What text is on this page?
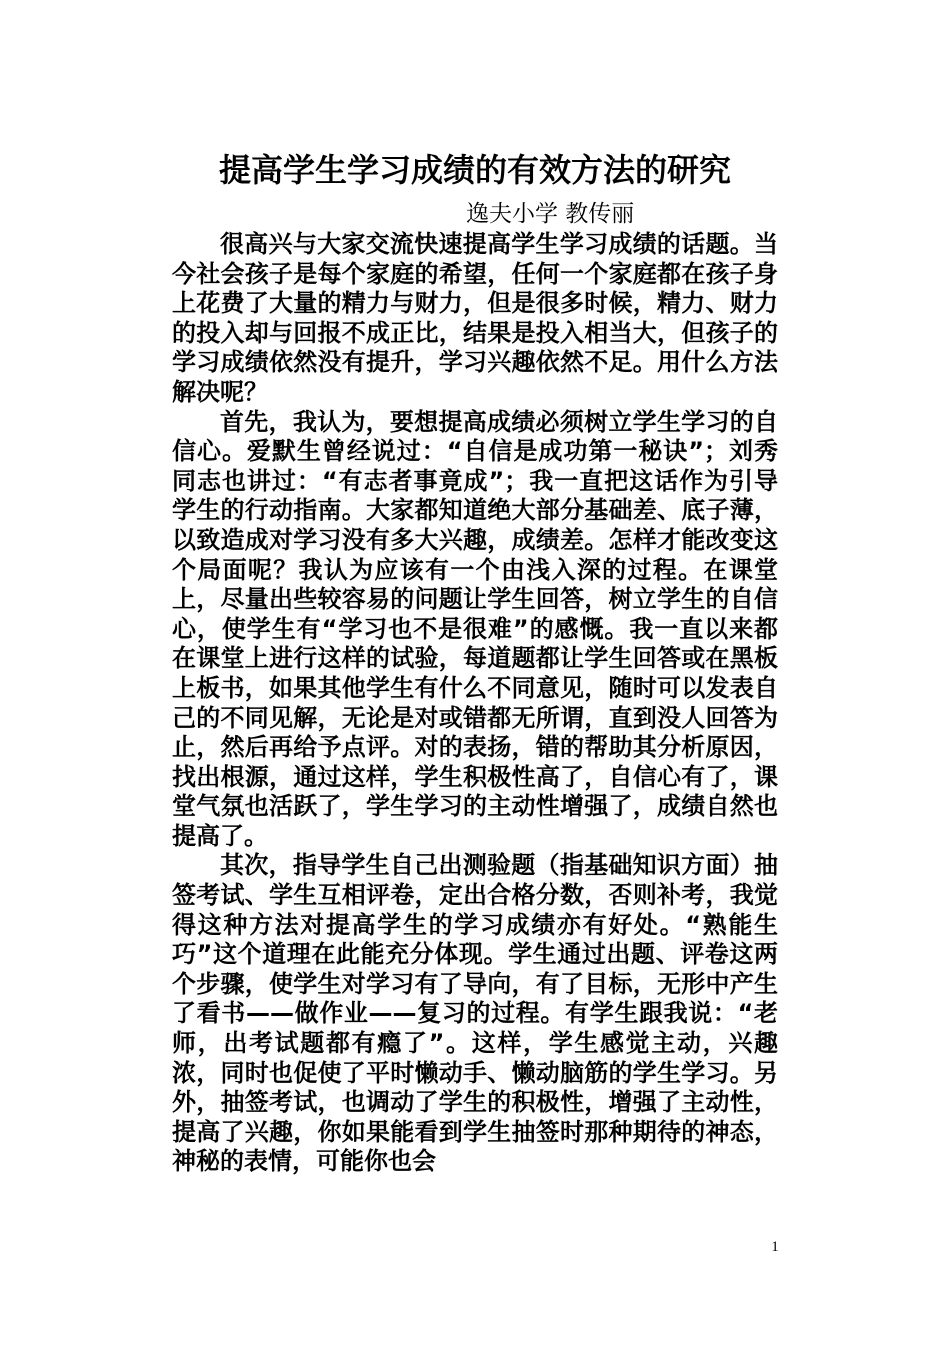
提高学生学习成绩的有效方法的研究

逸夫小学 教传丽

很高兴与大家交流快速提高学生学习成绩的话题。当今社会孩子是每个家庭的希望，任何一个家庭都在孩子身上花费了大量的精力与财力，但是很多时候，精力、财力的投入却与回报不成正比，结果是投入相当大，但孩子的学习成绩依然没有提升，学习兴趣依然不足。用什么方法解决呢？

首先，我认为，要想提高成绩必须树立学生学习的自信心。爱默生曾经说过：“自信是成功第一秘诀”；刘秀同志也讲过：“有志者事竟成”；我一直把这话作为引导学生的行动指南。大家都知道绝大部分基础差、底子薄，以致造成对学习没有多大兴趣，成绩差。怎样才能改变这个局面呢？我认为应该有一个由浅入深的过程。在课堂上，尽量出些较容易的问题让学生回答，树立学生的自信心，使学生有“学习也不是很难”的感慨。我一直以来都在课堂上进行这样的试验，每道题都让学生回答或在黑板上板书，如果其他学生有什么不同意见，随时可以发表自己的不同见解，无论是对或错都无所谓，直到没人回答为止，然后再给予点评。对的表扬，错的帮助其分析原因，找出根源，通过这样，学生积极性高了，自信心有了，课堂气氛也活跃了，学生学习的主动性增强了，成绩自然也提高了。

其次，指导学生自己出测验题（指基础知识方面）抽签考试、学生互相评卷，定出合格分数，否则补考，我觉得这种方法对提高学生的学习成绩亦有好处。“熟能生巧”这个道理在此能充分体现。学生通过出题、评卷这两个步骤，使学生对学习有了导向，有了目标，无形中产生了看书——做作业——复习的过程。有学生跟我说：“老师，出考试题都有瘾了”。这样，学生感觉主动，兴趣浓，同时也促使了平时懒动手、懒动脑筋的学生学习。另外，抽签考试，也调动了学生的积极性，增强了主动性，提高了兴趣，你如果能看到学生抽签时那种期待的神态，神秘的表情，可能你也会

1
